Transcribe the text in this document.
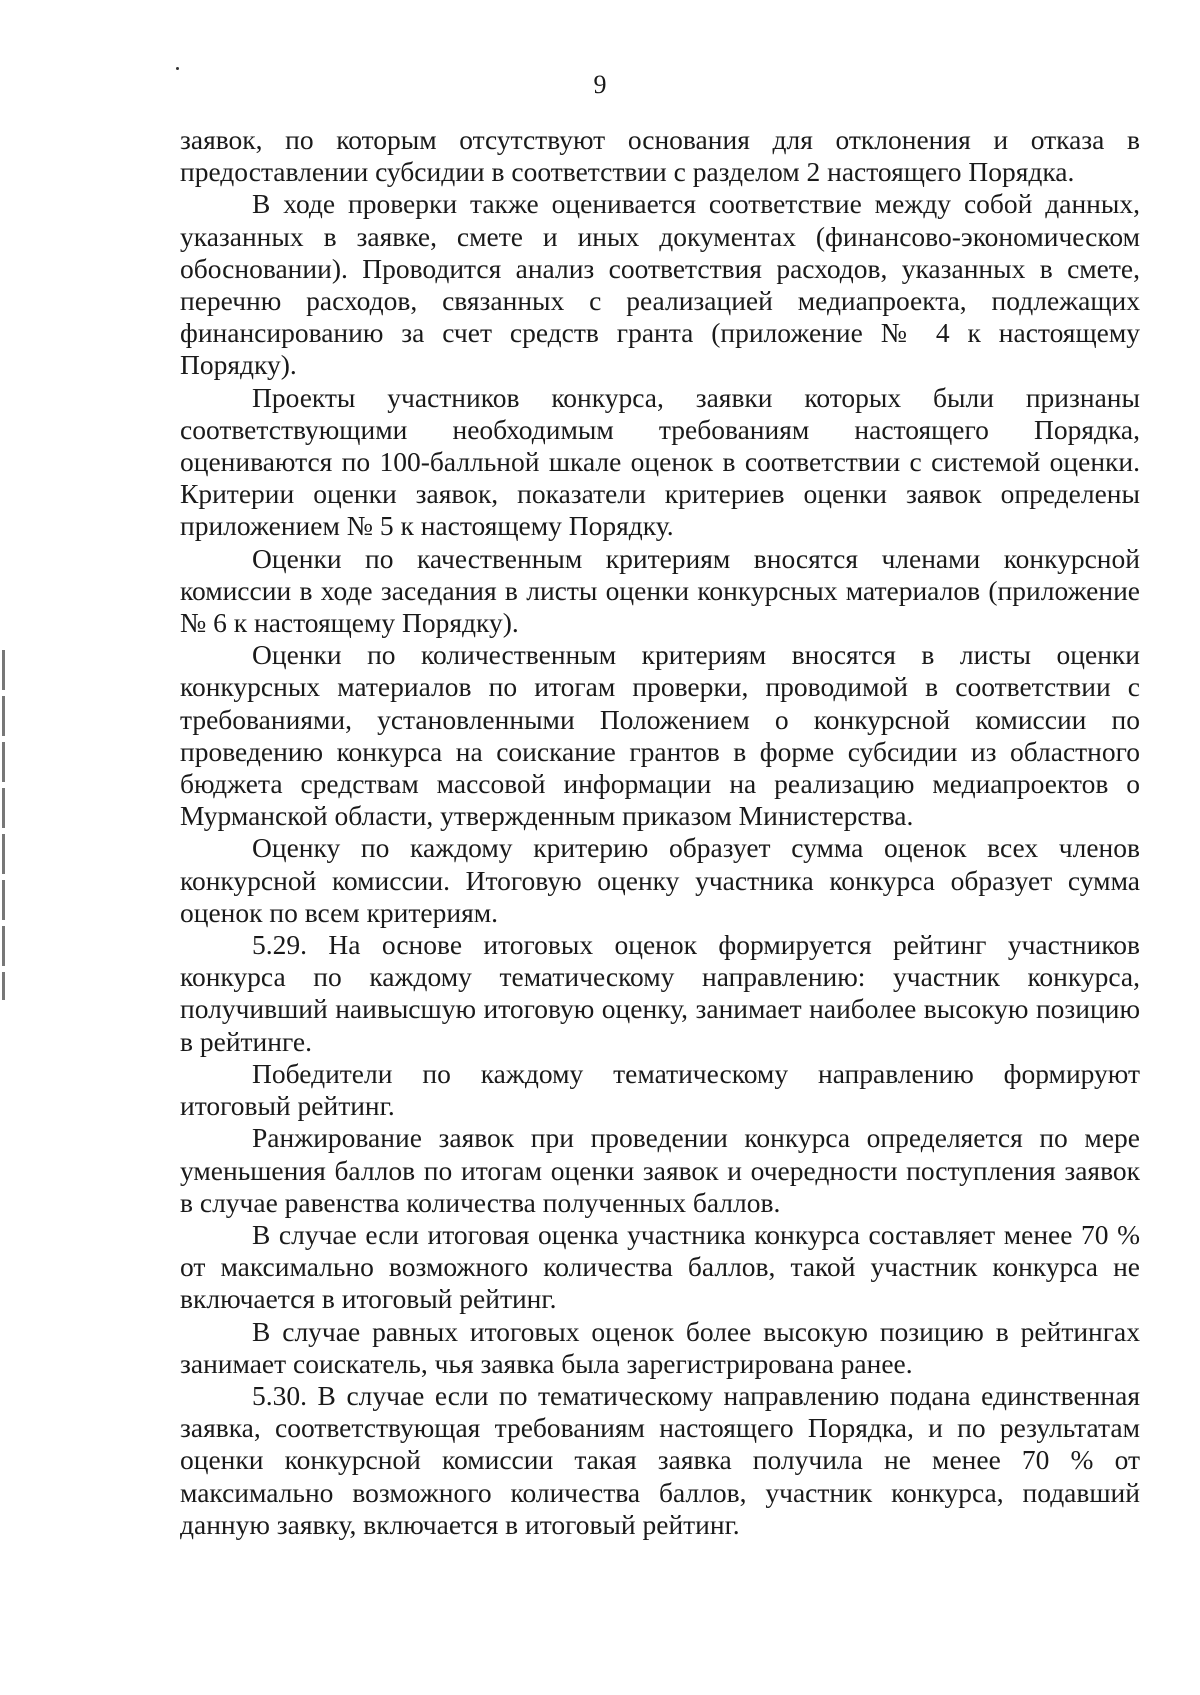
9

заявок, по которым отсутствуют основания для отклонения и отказа в предоставлении субсидии в соответствии с разделом 2 настоящего Порядка.

В ходе проверки также оценивается соответствие между собой данных, указанных в заявке, смете и иных документах (финансово-экономическом обосновании). Проводится анализ соответствия расходов, указанных в смете, перечню расходов, связанных с реализацией медиапроекта, подлежащих финансированию за счет средств гранта (приложение № 4 к настоящему Порядку).

Проекты участников конкурса, заявки которых были признаны соответствующими необходимым требованиям настоящего Порядка, оцениваются по 100-балльной шкале оценок в соответствии с системой оценки. Критерии оценки заявок, показатели критериев оценки заявок определены приложением № 5 к настоящему Порядку.

Оценки по качественным критериям вносятся членами конкурсной комиссии в ходе заседания в листы оценки конкурсных материалов (приложение № 6 к настоящему Порядку).

Оценки по количественным критериям вносятся в листы оценки конкурсных материалов по итогам проверки, проводимой в соответствии с требованиями, установленными Положением о конкурсной комиссии по проведению конкурса на соискание грантов в форме субсидии из областного бюджета средствам массовой информации на реализацию медиапроектов о Мурманской области, утвержденным приказом Министерства.

Оценку по каждому критерию образует сумма оценок всех членов конкурсной комиссии. Итоговую оценку участника конкурса образует сумма оценок по всем критериям.

5.29. На основе итоговых оценок формируется рейтинг участников конкурса по каждому тематическому направлению: участник конкурса, получивший наивысшую итоговую оценку, занимает наиболее высокую позицию в рейтинге.

Победители по каждому тематическому направлению формируют итоговый рейтинг.

Ранжирование заявок при проведении конкурса определяется по мере уменьшения баллов по итогам оценки заявок и очередности поступления заявок в случае равенства количества полученных баллов.

В случае если итоговая оценка участника конкурса составляет менее 70 % от максимально возможного количества баллов, такой участник конкурса не включается в итоговый рейтинг.

В случае равных итоговых оценок более высокую позицию в рейтингах занимает соискатель, чья заявка была зарегистрирована ранее.

5.30. В случае если по тематическому направлению подана единственная заявка, соответствующая требованиям настоящего Порядка, и по результатам оценки конкурсной комиссии такая заявка получила не менее 70 % от максимально возможного количества баллов, участник конкурса, подавший данную заявку, включается в итоговый рейтинг.
